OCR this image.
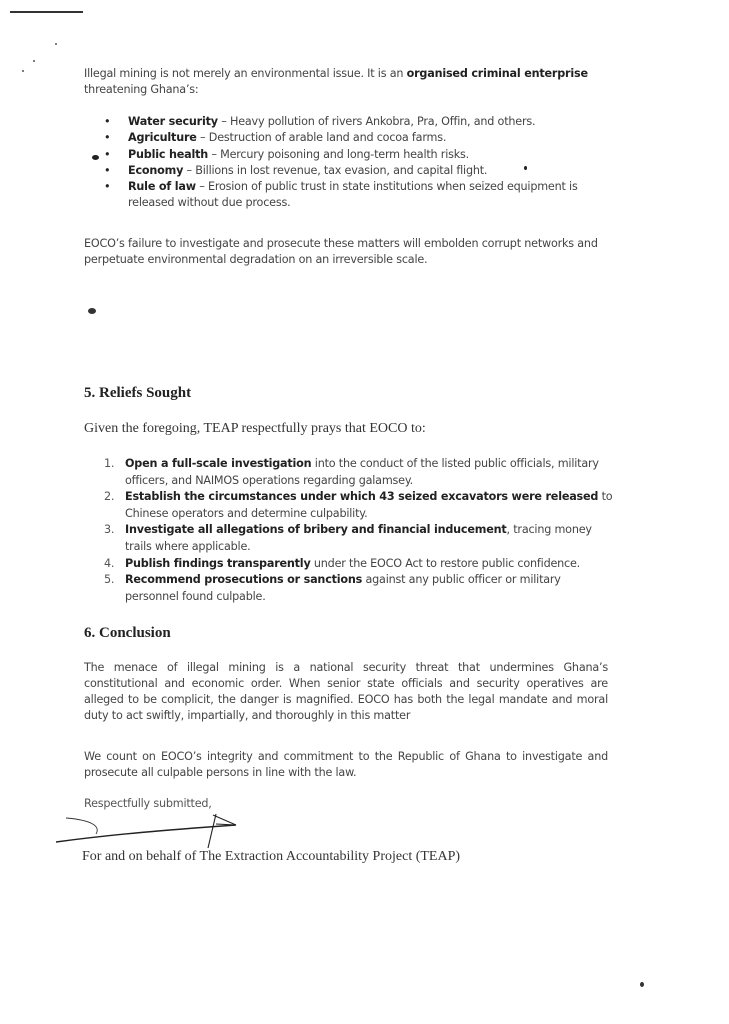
Illegal mining is not merely an environmental issue. It is an organised criminal enterprise threatening Ghana’s:

• Water security – Heavy pollution of rivers Ankobra, Pra, Offin, and others.
• Agriculture – Destruction of arable land and cocoa farms.
• Public health – Mercury poisoning and long-term health risks.
• Economy – Billions in lost revenue, tax evasion, and capital flight.
• Rule of law – Erosion of public trust in state institutions when seized equipment is released without due process.

EOCO’s failure to investigate and prosecute these matters will embolden corrupt networks and perpetuate environmental degradation on an irreversible scale.

5. Reliefs Sought
Given the foregoing, TEAP respectfully prays that EOCO to:
1. Open a full-scale investigation into the conduct of the listed public officials, military officers, and NAIMOS operations regarding galamsey.
2. Establish the circumstances under which 43 seized excavators were released to Chinese operators and determine culpability.
3. Investigate all allegations of bribery and financial inducement, tracing money trails where applicable.
4. Publish findings transparently under the EOCO Act to restore public confidence.
5. Recommend prosecutions or sanctions against any public officer or military personnel found culpable.
6. Conclusion

The menace of illegal mining is a national security threat that undermines Ghana’s constitutional and economic order. When senior state officials and security operatives are alleged to be complicit, the danger is magnified. EOCO has both the legal mandate and moral duty to act swiftly, impartially, and thoroughly in this matter

We count on EOCO’s integrity and commitment to the Republic of Ghana to investigate and prosecute all culpable persons in line with the law.

Respectfully submitted,
For and on behalf of The Extraction Accountability Project (TEAP)
